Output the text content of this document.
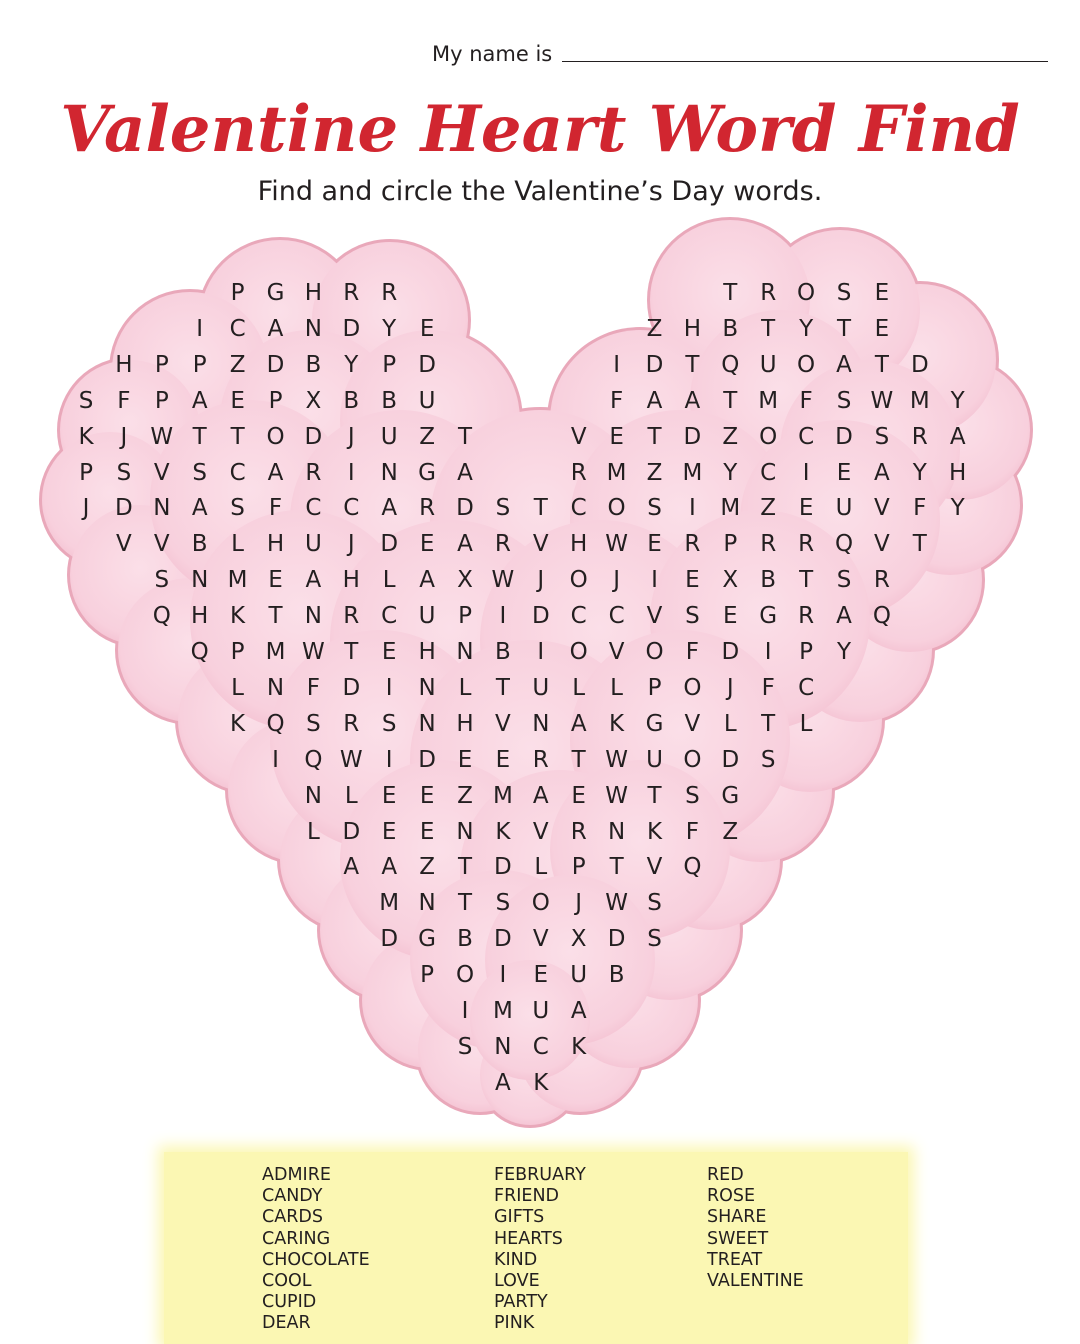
My name is
Valentine Heart Word Find
Find and circle the Valentine’s Day words.
P G H R R	T R O S E
I	C A N D Y	E	Z H B T	Y	T	E
H P	P	Z D B Y	P D	I	D T Q U O A	T D
S	F	P	A E	P	X B B U	F	A A	T M F	S W M Y
K	J	W T	T O D	J	U Z	T	V E	T D Z O C D S R A
P	S V S C A R	I	N G A	R M Z M Y C	I	E A	Y H
J	D N A S	F	C C A R D S	T C O S	I	M Z E U V	F	Y
V V B	L H U	J	D E A R V H W E R P R R Q V	T
S N M E A H L	A X W	J	O	J	I	E X B T	S R
Q H K	T N R C U P	I	D C C V S E G R A Q
Q P M W T	E H N B	I	O V O F D	I	P	Y
L N F D	I	N L	T U	L	L	P O	J	F	C
K Q S R S N H V N A K G V	L	T	L
I	Q W	I	D E E R T W U O D S
N L	E E Z M A E W T	S G
L D E E N K V R N K	F	Z
A A Z	T D L	P	T	V Q
M N T	S O	J	W S
D G B D V X D S
P O	I	E U B
I	M U A
S N C K
A K
ADMIRE
CANDY
CARDS
CARING
CHOCOLATE
COOL
CUPID
DEAR
FEBRUARY
FRIEND
GIFTS
HEARTS
KIND
LOVE
PARTY
PINK
RED
ROSE
SHARE
SWEET
TREAT
VALENTINE
